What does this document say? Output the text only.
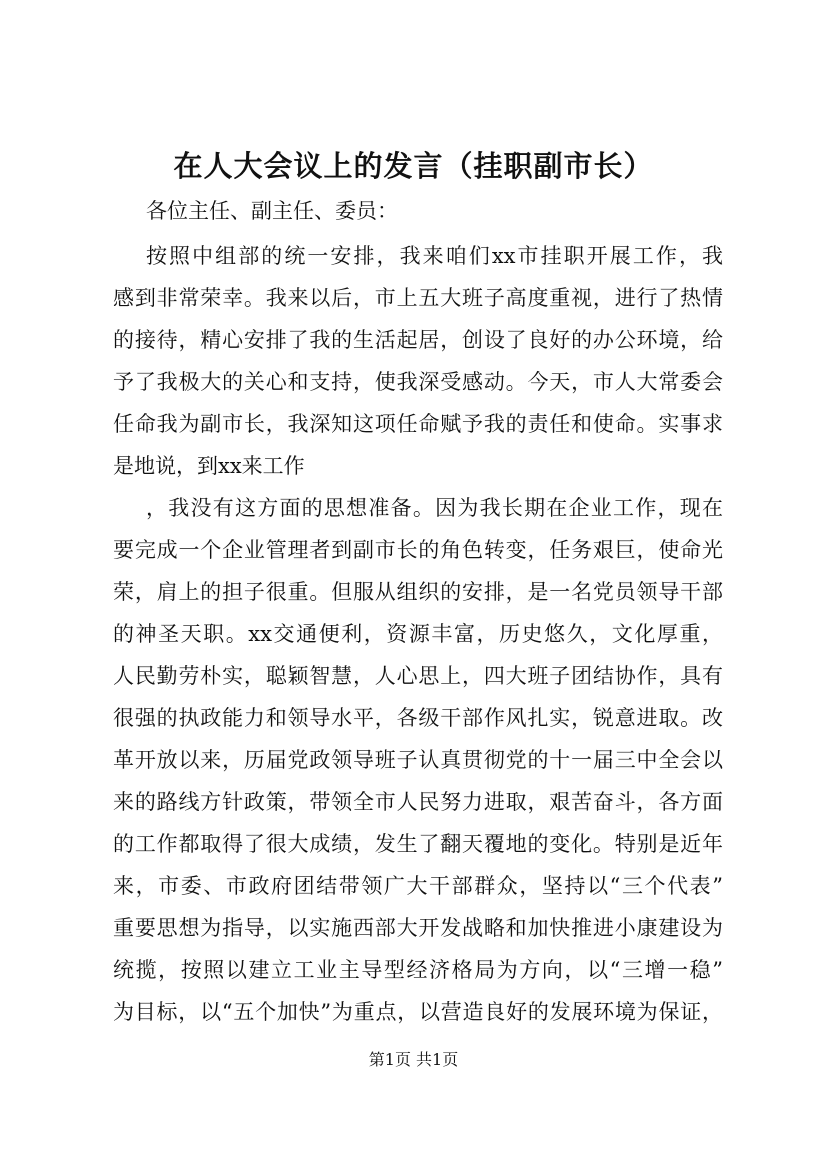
在人大会议上的发言（挂职副市长）
各位主任、副主任、委员：
按照中组部的统一安排，我来咱们xx市挂职开展工作，我
感到非常荣幸。我来以后，市上五大班子高度重视，进行了热情
的接待，精心安排了我的生活起居，创设了良好的办公环境，给
予了我极大的关心和支持，使我深受感动。今天，市人大常委会
任命我为副市长，我深知这项任命赋予我的责任和使命。实事求
是地说，到xx来工作
，我没有这方面的思想准备。因为我长期在企业工作，现在
要完成一个企业管理者到副市长的角色转变，任务艰巨，使命光
荣，肩上的担子很重。但服从组织的安排，是一名党员领导干部
的神圣天职。xx交通便利，资源丰富，历史悠久，文化厚重，
人民勤劳朴实，聪颖智慧，人心思上，四大班子团结协作，具有
很强的执政能力和领导水平，各级干部作风扎实，锐意进取。改
革开放以来，历届党政领导班子认真贯彻党的十一届三中全会以
来的路线方针政策，带领全市人民努力进取，艰苦奋斗，各方面
的工作都取得了很大成绩，发生了翻天覆地的变化。特别是近年
来，市委、市政府团结带领广大干部群众，坚持以“三个代表”
重要思想为指导，以实施西部大开发战略和加快推进小康建设为
统揽，按照以建立工业主导型经济格局为方向，以“三增一稳”
为目标，以“五个加快”为重点，以营造良好的发展环境为保证，
第1页 共1页
